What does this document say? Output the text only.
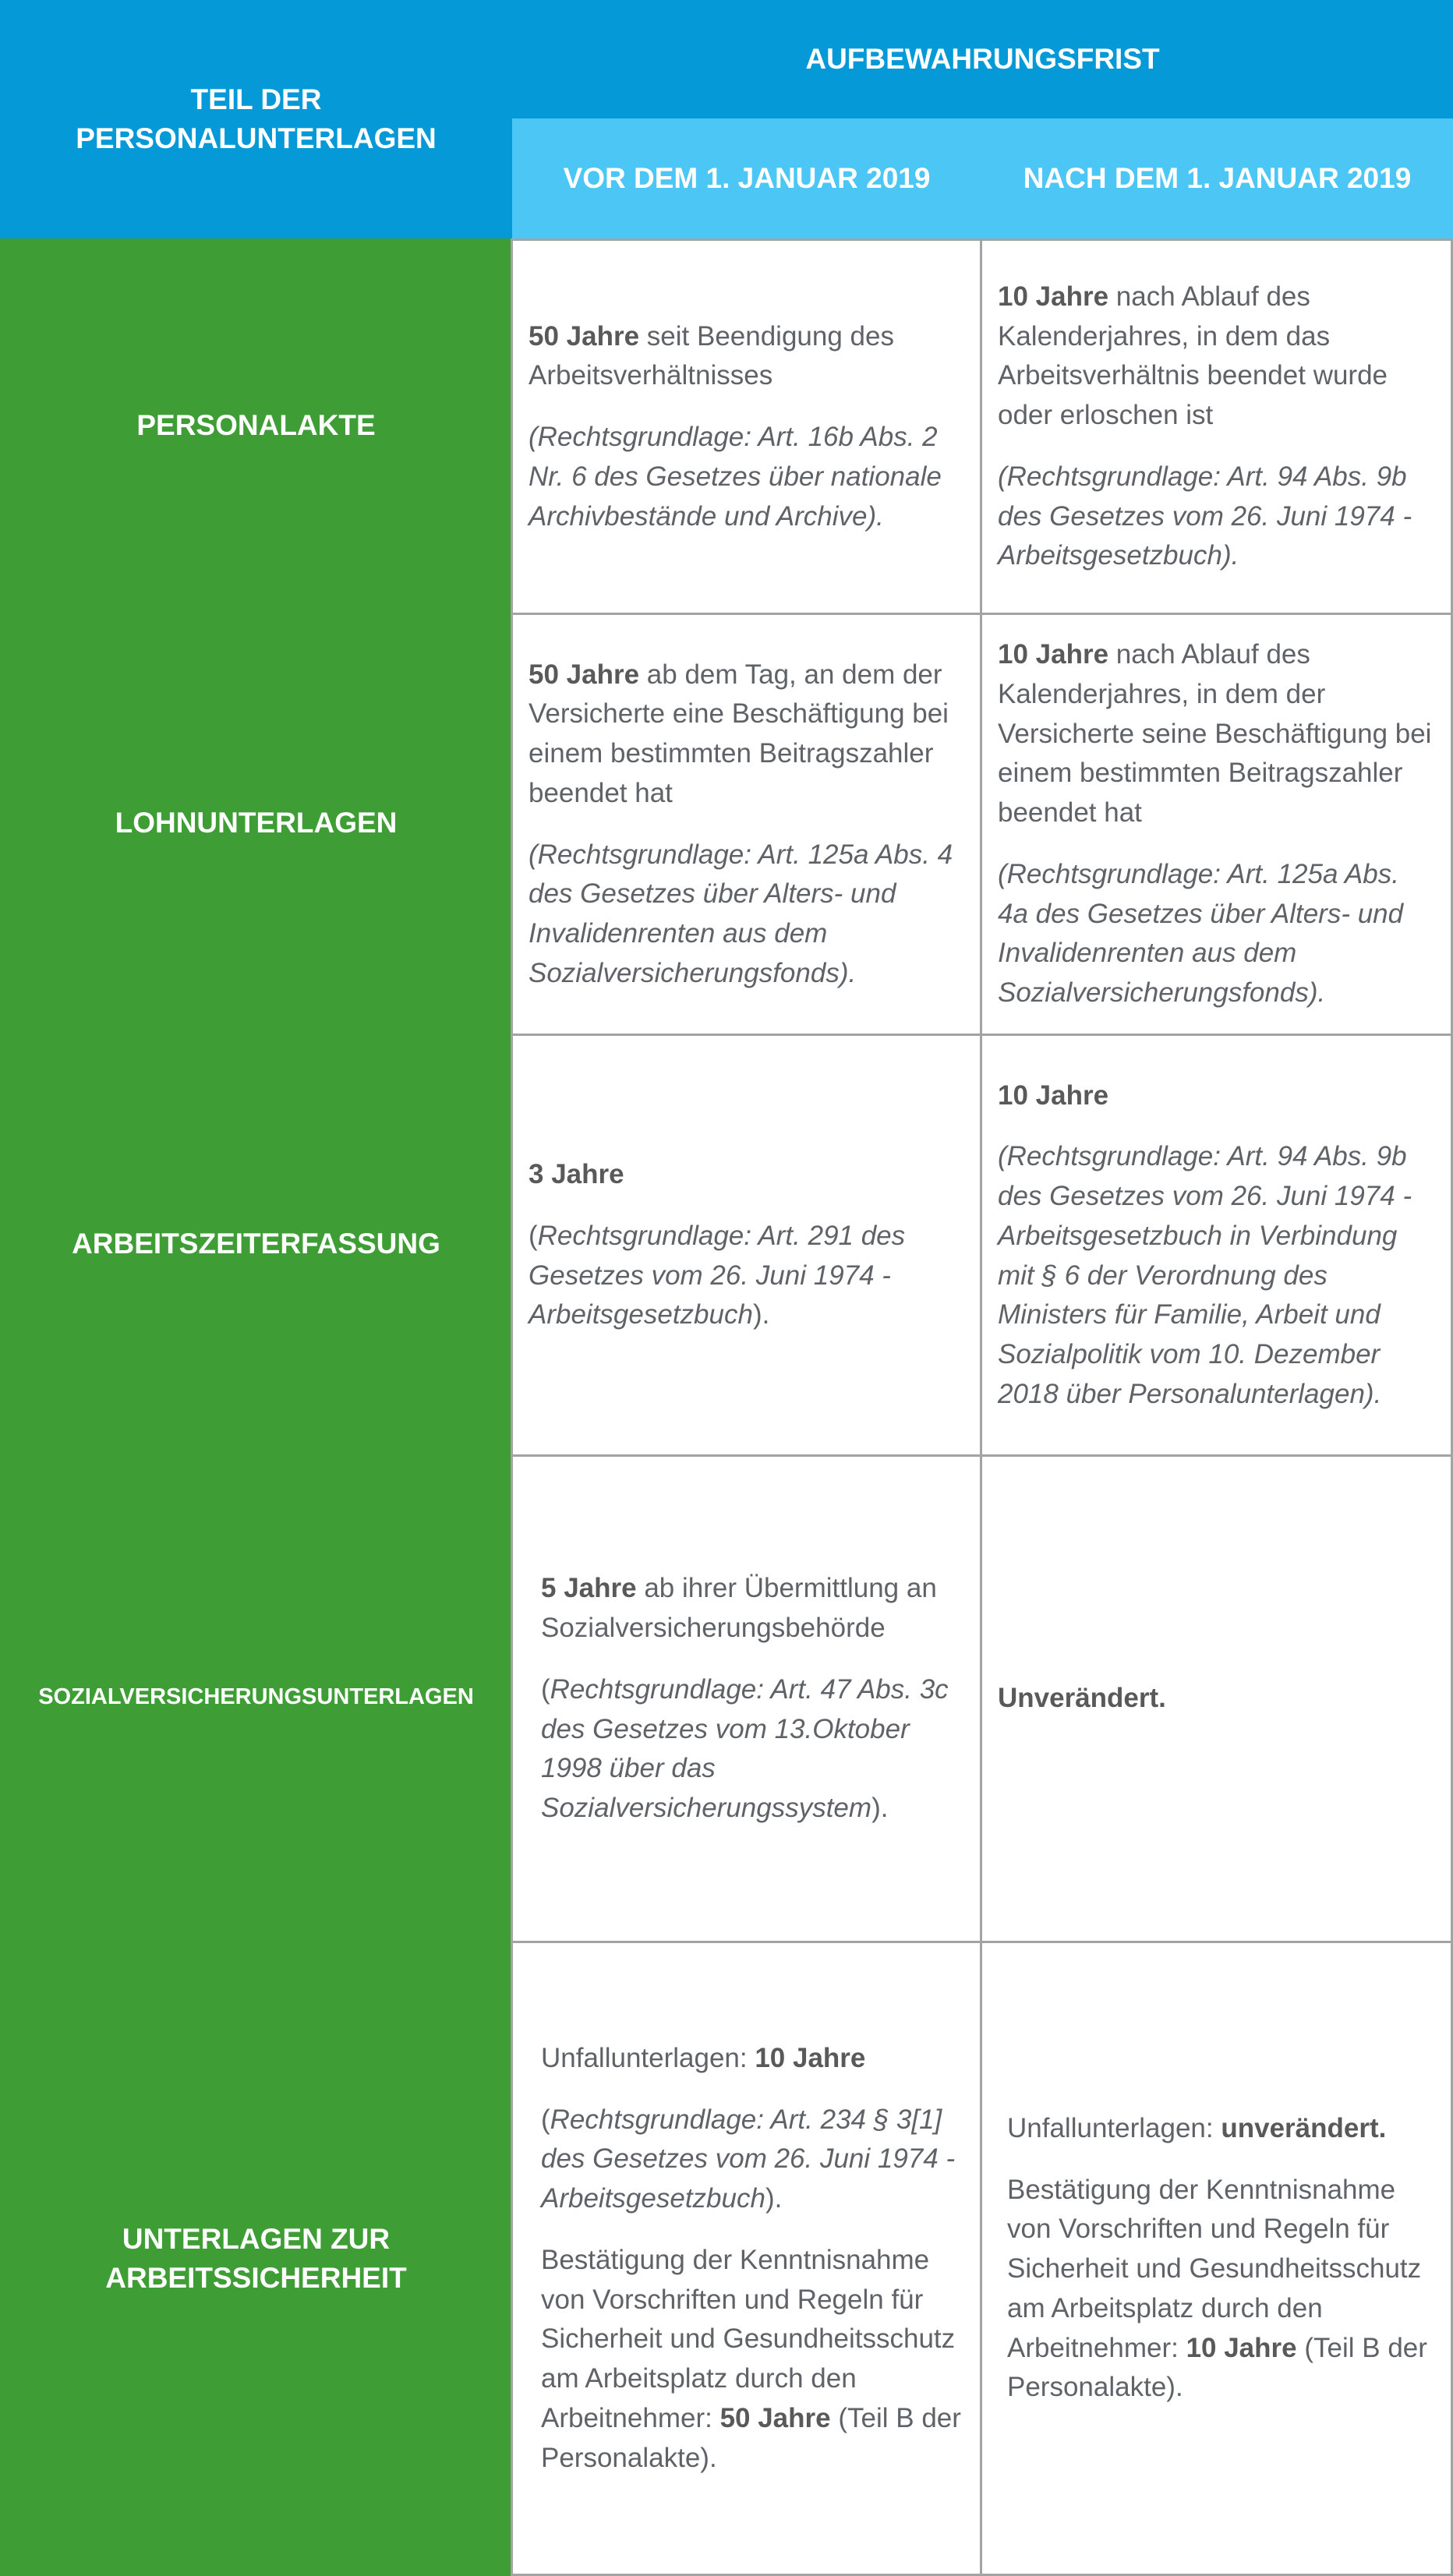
TEIL DER
PERSONALUNTERLAGEN
AUFBEWAHRUNGSFRIST
VOR DEM 1. JANUAR 2019	NACH DEM 1. JANUAR 2019
PERSONALAKTE

50 Jahre seit Beendigung des Arbeitsverhältnisses

(Rechtsgrundlage: Art. 16b Abs. 2 Nr. 6 des Gesetzes über nationale Archivbestände und Archive).

10 Jahre nach Ablauf des Kalenderjahres, in dem das Arbeitsverhältnis beendet wurde oder erloschen ist

(Rechtsgrundlage: Art. 94 Abs. 9b des Gesetzes vom 26. Juni 1974 - Arbeitsgesetzbuch).

LOHNUNTERLAGEN

50 Jahre ab dem Tag, an dem der Versicherte eine Beschäftigung bei einem bestimmten Beitragszahler beendet hat

(Rechtsgrundlage: Art. 125a Abs. 4 des Gesetzes über Alters- und Invalidenrenten aus dem Sozialversicherungsfonds).

10 Jahre nach Ablauf des Kalenderjahres, in dem der Versicherte seine Beschäftigung bei einem bestimmten Beitragszahler beendet hat

(Rechtsgrundlage: Art. 125a Abs. 4a des Gesetzes über Alters- und Invalidenrenten aus dem Sozialversicherungsfonds).

ARBEITSZEITERFASSUNG

3 Jahre

(Rechtsgrundlage: Art. 291 des Gesetzes vom 26. Juni 1974 - Arbeitsgesetzbuch).

10 Jahre

(Rechtsgrundlage: Art. 94 Abs. 9b des Gesetzes vom 26. Juni 1974 -Arbeitsgesetzbuch in Verbindung mit § 6 der Verordnung des Ministers für Familie, Arbeit und Sozialpolitik vom 10. Dezember 2018 über Personalunterlagen).

SOZIALVERSICHERUNGSUNTERLAGEN

5 Jahre ab ihrer Übermittlung an Sozialversicherungsbehörde

(Rechtsgrundlage: Art. 47 Abs. 3c des Gesetzes vom 13.Oktober 1998 über das Sozialversicherungssystem).

Unverändert.

UNTERLAGEN ZUR
ARBEITSSICHERHEIT

Unfallunterlagen: 10 Jahre

(Rechtsgrundlage: Art. 234 § 3[1] des Gesetzes vom 26. Juni 1974 - Arbeitsgesetzbuch).

Bestätigung der Kenntnisnahme von Vorschriften und Regeln für Sicherheit und Gesundheitsschutz am Arbeitsplatz durch den Arbeitnehmer: 50 Jahre (Teil B der Personalakte).

Unfallunterlagen: unverändert.

Bestätigung der Kenntnisnahme von Vorschriften und Regeln für Sicherheit und Gesundheitsschutz am Arbeitsplatz durch den Arbeitnehmer: 10 Jahre (Teil B der Personalakte).
